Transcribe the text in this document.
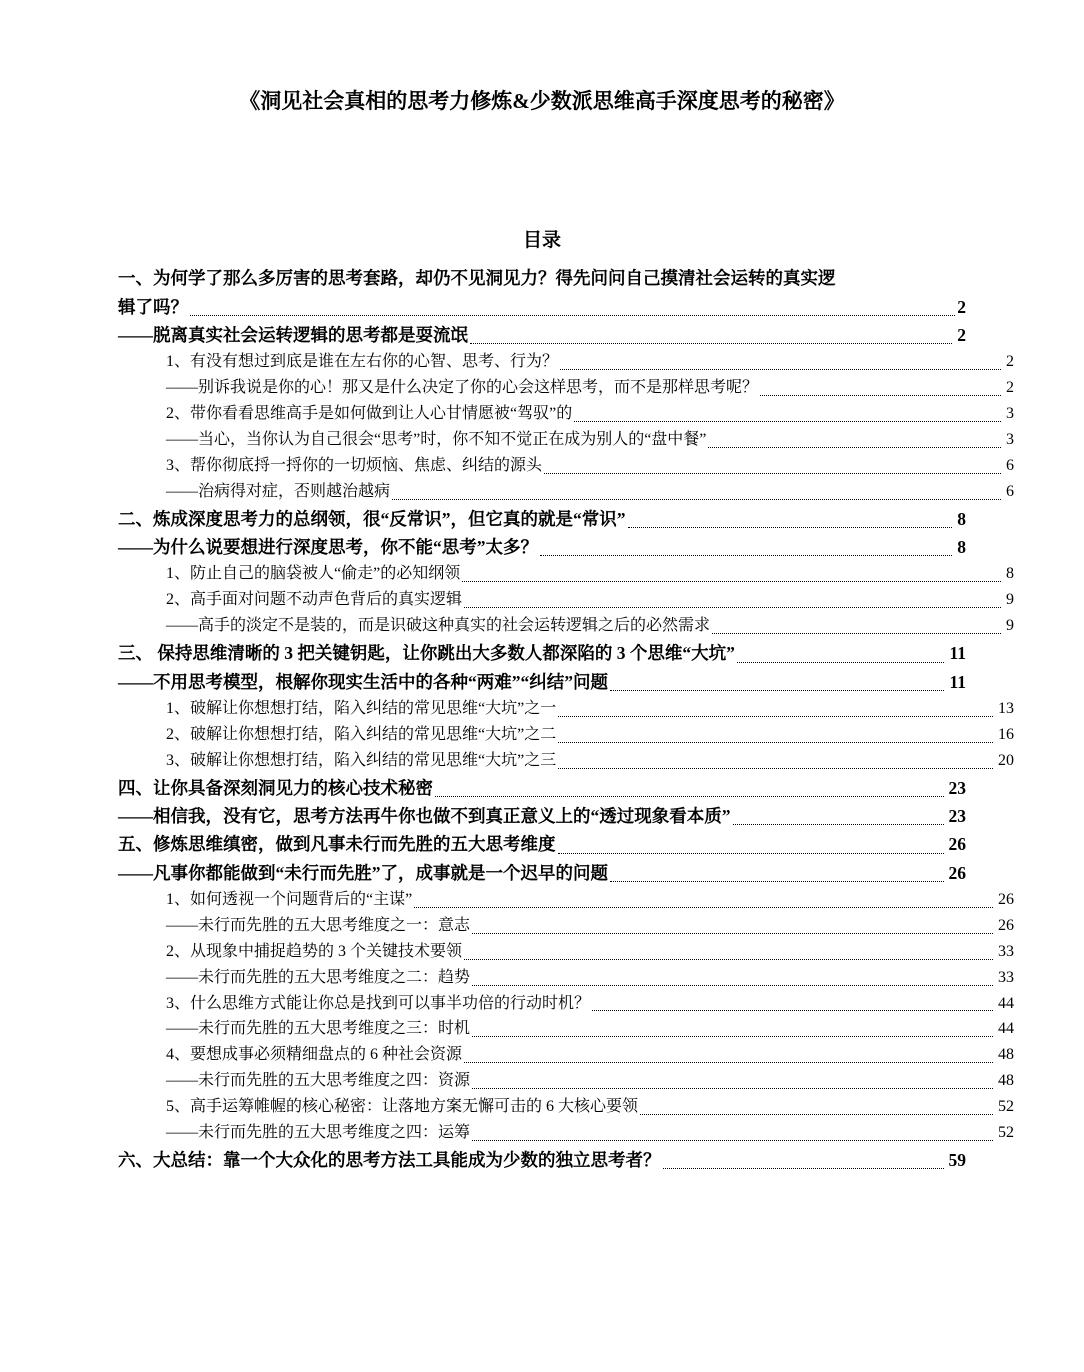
《洞见社会真相的思考力修炼&少数派思维高手深度思考的秘密》
目录
一、为何学了那么多厉害的思考套路，却仍不见洞见力？得先问问自己摸清社会运转的真实逻
辑了吗？	2
——脱离真实社会运转逻辑的思考都是耍流氓	2
1、有没有想过到底是谁在左右你的心智、思考、行为？	2
——别诉我说是你的心！那又是什么决定了你的心会这样思考，而不是那样思考呢？	2
2、带你看看思维高手是如何做到让人心甘情愿被“驾驭”的	3
——当心，当你认为自己很会“思考”时，你不知不觉正在成为别人的“盘中餐”	3
3、帮你彻底捋一捋你的一切烦恼、焦虑、纠结的源头	6
——治病得对症，否则越治越病	6
二、炼成深度思考力的总纲领，很“反常识”，但它真的就是“常识”	8
——为什么说要想进行深度思考，你不能“思考”太多？	8
1、防止自己的脑袋被人“偷走”的必知纲领	8
2、高手面对问题不动声色背后的真实逻辑	9
——高手的淡定不是装的，而是识破这种真实的社会运转逻辑之后的必然需求	9
三、 保持思维清晰的 3 把关键钥匙，让你跳出大多数人都深陷的 3 个思维“大坑”	11
——不用思考模型，根解你现实生活中的各种“两难”“纠结”问题	11
1、破解让你想想打结，陷入纠结的常见思维“大坑”之一	13
2、破解让你想想打结，陷入纠结的常见思维“大坑”之二	16
3、破解让你想想打结，陷入纠结的常见思维“大坑”之三	20
四、让你具备深刻洞见力的核心技术秘密	23
——相信我，没有它，思考方法再牛你也做不到真正意义上的“透过现象看本质”	23
五、修炼思维缜密，做到凡事未行而先胜的五大思考维度	26
——凡事你都能做到“未行而先胜”了，成事就是一个迟早的问题	26
1、如何透视一个问题背后的“主谋”	26
——未行而先胜的五大思考维度之一：意志	26
2、从现象中捕捉趋势的 3 个关键技术要领	33
——未行而先胜的五大思考维度之二：趋势	33
3、什么思维方式能让你总是找到可以事半功倍的行动时机？	44
——未行而先胜的五大思考维度之三：时机	44
4、要想成事必须精细盘点的 6 种社会资源	48
——未行而先胜的五大思考维度之四：资源	48
5、高手运筹帷幄的核心秘密：让落地方案无懈可击的 6 大核心要领	52
——未行而先胜的五大思考维度之四：运筹	52
六、大总结：靠一个大众化的思考方法工具能成为少数的独立思考者？	59
